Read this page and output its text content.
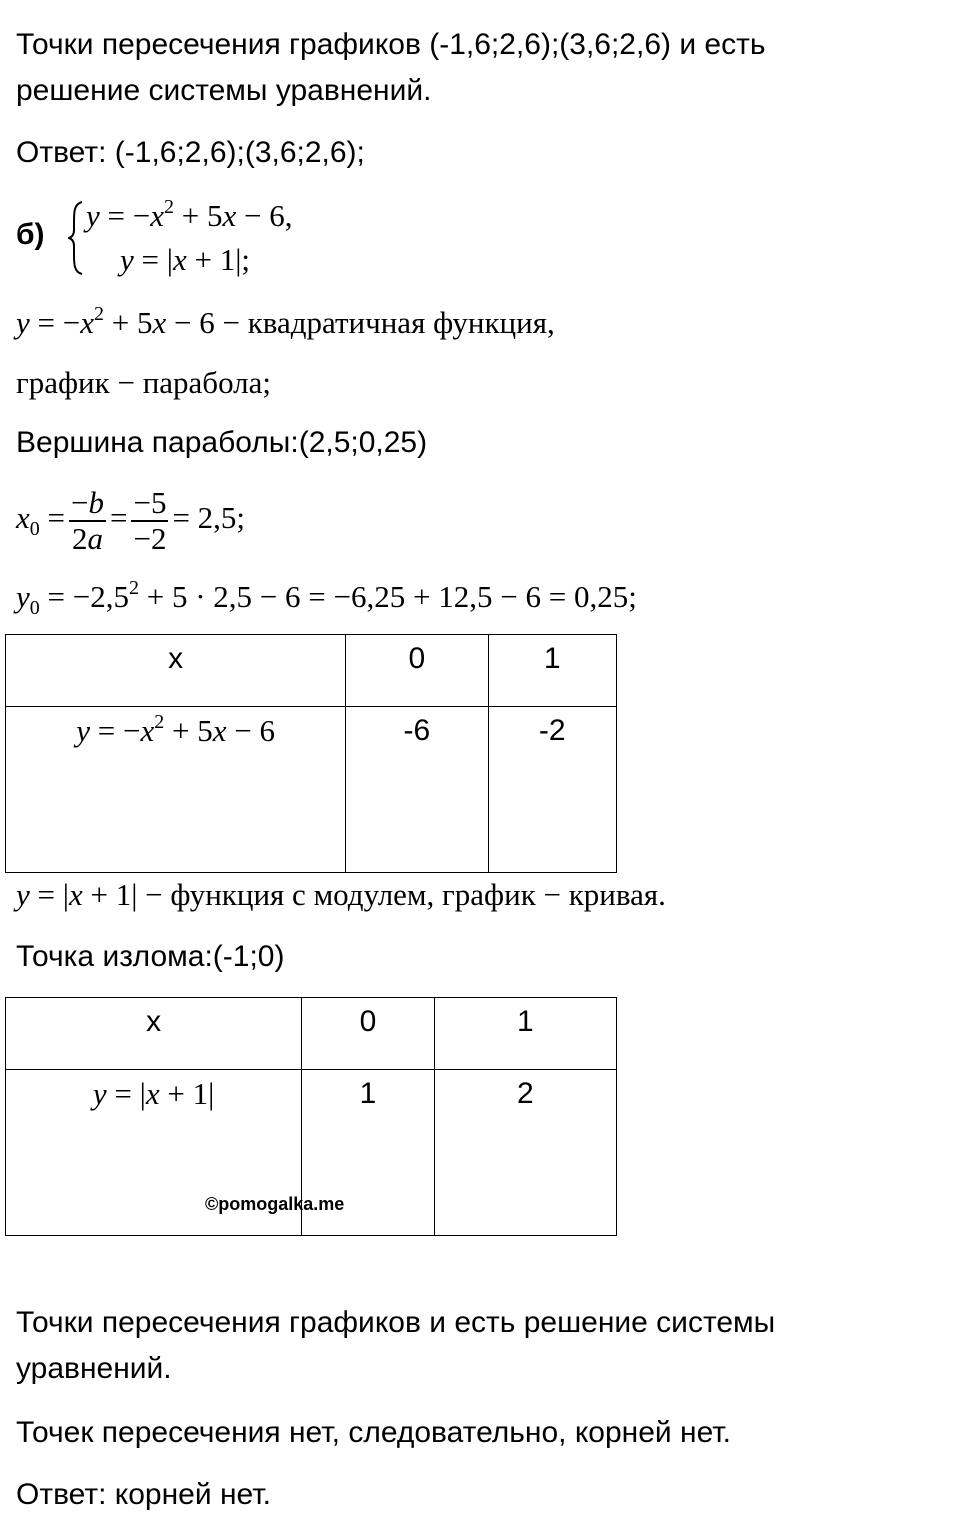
Точки пересечения графиков (-1,6;2,6);(3,6;2,6) и есть
решение системы уравнений.
Ответ: (-1,6;2,6);(3,6;2,6);
б)
$y = -x^2 + 5x - 6$,
y = |x + 1|;
$y = -x^2 + 5x - 6$ − квадратичная функция,
график − парабола;
Вершина параболы:(2,5;0,25)
$x_0 = \frac{-b}{2a} = \frac{-5}{-2} = 2,5$;
$y_0 = -2,5^2 + 5 \cdot 2,5 - 6 = -6,25 + 12,5 - 6 = 0,25$;
x	0	1
$y = -x^2 + 5x - 6$	-6	-2
y = |x + 1| − функция с модулем, график − кривая.
Точка излома:(-1;0)
x	0	1
y = |x + 1|	1	2
©pomogalka.me
Точки пересечения графиков и есть решение системы
уравнений.
Точек пересечения нет, следовательно, корней нет.
Ответ: корней нет.
